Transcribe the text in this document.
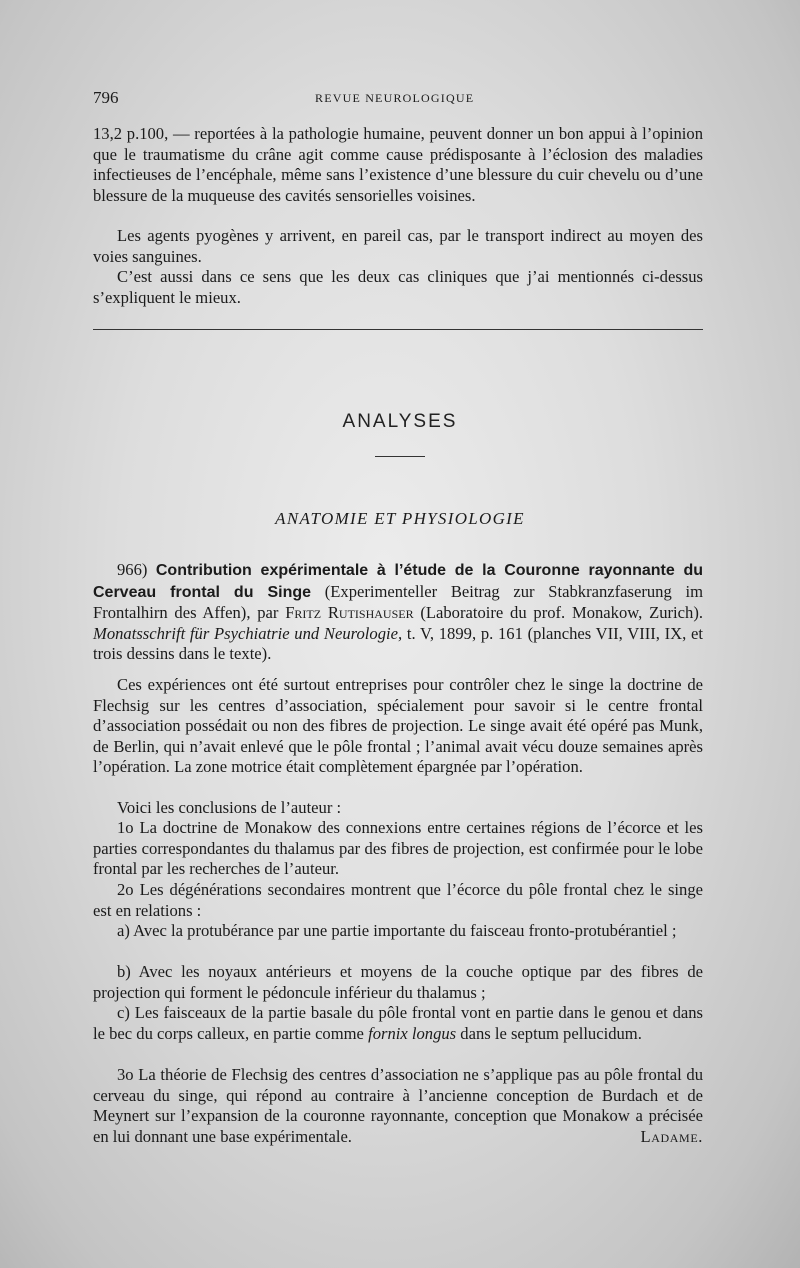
796	REVUE NEUROLOGIQUE

13,2 p.100, — reportées à la pathologie humaine, peuvent donner un bon appui à l’opinion que le traumatisme du crâne agit comme cause prédisposante à l’éclosion des maladies infectieuses de l’encéphale, même sans l’existence d’une blessure du cuir chevelu ou d’une blessure de la muqueuse des cavités sensorielles voisines.

Les agents pyogènes y arrivent, en pareil cas, par le transport indirect au moyen des voies sanguines.

C’est aussi dans ce sens que les deux cas cliniques que j’ai mentionnés ci-dessus s’expliquent le mieux.

ANALYSES
ANATOMIE ET PHYSIOLOGIE

966) Contribution expérimentale à l’étude de la Couronne rayonnante du Cerveau frontal du Singe (Experimenteller Beitrag zur Stabkranzfaserung im Frontalhirn des Affen), par Fritz Rutishauser (Laboratoire du prof. Monakow, Zurich). Monatsschrift für Psychiatrie und Neurologie, t. V, 1899, p. 161 (planches VII, VIII, IX, et trois dessins dans le texte).

Ces expériences ont été surtout entreprises pour contrôler chez le singe la doctrine de Flechsig sur les centres d’association, spécialement pour savoir si le centre frontal d’association possédait ou non des fibres de projection. Le singe avait été opéré pas Munk, de Berlin, qui n’avait enlevé que le pôle frontal ; l’animal avait vécu douze semaines après l’opération. La zone motrice était complètement épargnée par l’opération.

Voici les conclusions de l’auteur :

1o La doctrine de Monakow des connexions entre certaines régions de l’écorce et les parties correspondantes du thalamus par des fibres de projection, est confirmée pour le lobe frontal par les recherches de l’auteur.

2o Les dégénérations secondaires montrent que l’écorce du pôle frontal chez le singe est en relations :

a) Avec la protubérance par une partie importante du faisceau fronto-protubérantiel ;

b) Avec les noyaux antérieurs et moyens de la couche optique par des fibres de projection qui forment le pédoncule inférieur du thalamus ;

c) Les faisceaux de la partie basale du pôle frontal vont en partie dans le genou et dans le bec du corps calleux, en partie comme fornix longus dans le septum pellucidum.

3o La théorie de Flechsig des centres d’association ne s’applique pas au pôle frontal du cerveau du singe, qui répond au contraire à l’ancienne conception de Burdach et de Meynert sur l’expansion de la couronne rayonnante, conception que Monakow a précisée en lui donnant une base expérimentale.	Ladame.
